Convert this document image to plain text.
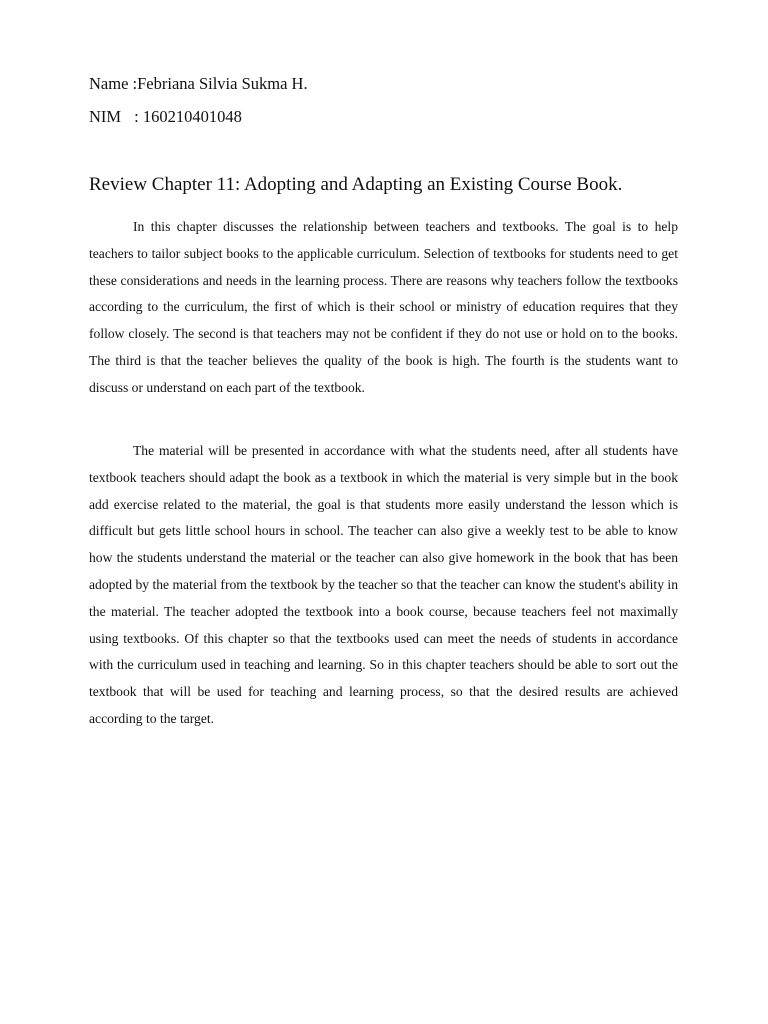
Name :Febriana Silvia Sukma H.

NIM : 160210401048

Review Chapter 11: Adopting and Adapting an Existing Course Book.

In this chapter discusses the relationship between teachers and textbooks. The goal is to help teachers to tailor subject books to the applicable curriculum. Selection of textbooks for students need to get these considerations and needs in the learning process. There are reasons why teachers follow the textbooks according to the curriculum, the first of which is their school or ministry of education requires that they follow closely. The second is that teachers may not be confident if they do not use or hold on to the books. The third is that the teacher believes the quality of the book is high. The fourth is the students want to discuss or understand on each part of the textbook.

The material will be presented in accordance with what the students need, after all students have textbook teachers should adapt the book as a textbook in which the material is very simple but in the book add exercise related to the material, the goal is that students more easily understand the lesson which is difficult but gets little school hours in school. The teacher can also give a weekly test to be able to know how the students understand the material or the teacher can also give homework in the book that has been adopted by the material from the textbook by the teacher so that the teacher can know the student's ability in the material. The teacher adopted the textbook into a book course, because teachers feel not maximally using textbooks. Of this chapter so that the textbooks used can meet the needs of students in accordance with the curriculum used in teaching and learning. So in this chapter teachers should be able to sort out the textbook that will be used for teaching and learning process, so that the desired results are achieved according to the target.
